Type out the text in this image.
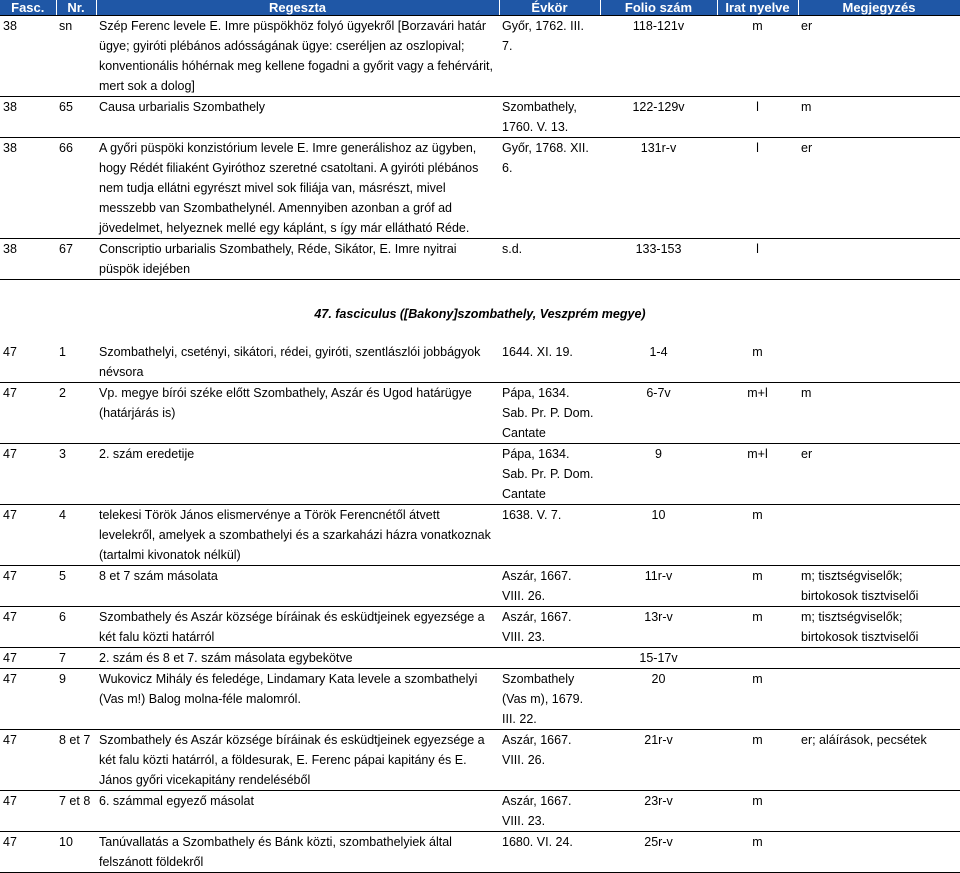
Fasc.	Nr.	Regeszta	Évkör	Folio szám	Irat nyelve	Megjegyzés
38	sn	Szép Ferenc levele E. Imre püspökhöz folyó ügyekről [Borzavári határ ügye; gyiróti plébános adósságának ügye: cseréljen az oszlopival; konventionális hóhérnak meg kellene fogadni a győrit vagy a fehérvárit, mert sok a dolog]	Győr, 1762. III. 7.	118-121v	m	er
38	65	Causa urbarialis Szombathely	Szombathely, 1760. V. 13.	122-129v	l	m
38	66	A győri püspöki konzistórium levele E. Imre generálishoz az ügyben, hogy Rédét filiaként Gyiróthoz szeretné csatoltani. A gyiróti plébános nem tudja ellátni egyrészt mivel sok filiája van, másrészt, mivel messzebb van Szombathelynél. Amennyiben azonban a gróf ad jövedelmet, helyeznek mellé egy káplánt, s így már ellátható Réde.	Győr, 1768. XII. 6.	131r-v	l	er
38	67	Conscriptio urbarialis Szombathely, Réde, Sikátor, E. Imre nyitrai püspök idejében	s.d.	133-153	l	

47. fasciculus ([Bakony]szombathely, Veszprém megye)						

47	1	Szombathelyi, csetényi, sikátori, rédei, gyiróti, szentlászlói jobbágyok névsora	1644. XI. 19.	1-4	m	
47	2	Vp. megye bírói széke előtt Szombathely, Aszár és Ugod határügye (határjárás is)	Pápa, 1634. Sab. Pr. P. Dom. Cantate	6-7v	m+l	m
47	3	2. szám eredetije	Pápa, 1634. Sab. Pr. P. Dom. Cantate	9	m+l	er
47	4	telekesi Török János elismervénye a Török Ferencnétől átvett levelekről, amelyek a szombathelyi és a szarkaházi házra vonatkoznak (tartalmi kivonatok nélkül)	1638. V. 7.	10	m	
47	5	8 et 7 szám másolata	Aszár, 1667. VIII. 26.	11r-v	m	m; tisztségviselők; birtokosok tisztviselői
47	6	Szombathely és Aszár községe bíráinak és esküdtjeinek egyezsége a két falu közti határról	Aszár, 1667. VIII. 23.	13r-v	m	m; tisztségviselők; birtokosok tisztviselői
47	7	2. szám és 8 et 7. szám másolata egybekötve		15-17v		
47	9	Wukovicz Mihály és feledége, Lindamary Kata levele a szombathelyi (Vas m!) Balog molna-féle malomról.	Szombathely (Vas m), 1679. III. 22.	20	m	
47	8 et 7	Szombathely és Aszár községe bíráinak és esküdtjeinek egyezsége a két falu közti határról, a földesurak, E. Ferenc pápai kapitány és E. János győri vicekapitány rendeléséből	Aszár, 1667. VIII. 26.	21r-v	m	er; aláírások, pecsétek
47	7 et 8	6. számmal egyező másolat	Aszár, 1667. VIII. 23.	23r-v	m	
47	10	Tanúvallatás a Szombathely és Bánk közti, szombathelyiek által felszánott földekről	1680. VI. 24.	25r-v	m	
